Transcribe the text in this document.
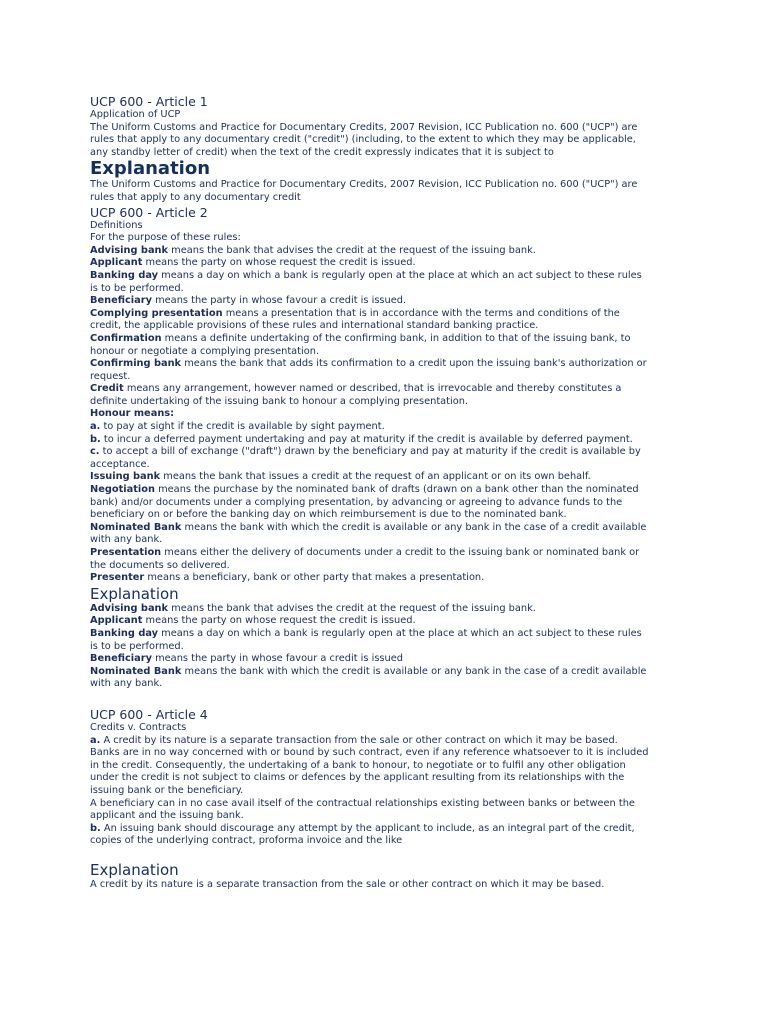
UCP 600 - Article 1
Application of UCP
The Uniform Customs and Practice for Documentary Credits, 2007 Revision, ICC Publication no. 600 ("UCP") are rules that apply to any documentary credit ("credit") (including, to the extent to which they may be applicable, any standby letter of credit) when the text of the credit expressly indicates that it is subject to
Explanation
The Uniform Customs and Practice for Documentary Credits, 2007 Revision, ICC Publication no. 600 ("UCP") are rules that apply to any documentary credit
UCP 600 - Article 2
Definitions
For the purpose of these rules:
Advising bank means the bank that advises the credit at the request of the issuing bank.
Applicant means the party on whose request the credit is issued.
Banking day means a day on which a bank is regularly open at the place at which an act subject to these rules is to be performed.
Beneficiary means the party in whose favour a credit is issued.
Complying presentation means a presentation that is in accordance with the terms and conditions of the credit, the applicable provisions of these rules and international standard banking practice.
Confirmation means a definite undertaking of the confirming bank, in addition to that of the issuing bank, to honour or negotiate a complying presentation.
Confirming bank means the bank that adds its confirmation to a credit upon the issuing bank's authorization or request.
Credit means any arrangement, however named or described, that is irrevocable and thereby constitutes a definite undertaking of the issuing bank to honour a complying presentation.
Honour means:
a. to pay at sight if the credit is available by sight payment.
b. to incur a deferred payment undertaking and pay at maturity if the credit is available by deferred payment.
c. to accept a bill of exchange ("draft") drawn by the beneficiary and pay at maturity if the credit is available by acceptance.
Issuing bank means the bank that issues a credit at the request of an applicant or on its own behalf.
Negotiation means the purchase by the nominated bank of drafts (drawn on a bank other than the nominated bank) and/or documents under a complying presentation, by advancing or agreeing to advance funds to the beneficiary on or before the banking day on which reimbursement is due to the nominated bank.
Nominated Bank means the bank with which the credit is available or any bank in the case of a credit available with any bank.
Presentation means either the delivery of documents under a credit to the issuing bank or nominated bank or the documents so delivered.
Presenter means a beneficiary, bank or other party that makes a presentation.
Explanation
Advising bank means the bank that advises the credit at the request of the issuing bank.
Applicant means the party on whose request the credit is issued.
Banking day means a day on which a bank is regularly open at the place at which an act subject to these rules is to be performed.
Beneficiary means the party in whose favour a credit is issued
Nominated Bank means the bank with which the credit is available or any bank in the case of a credit available with any bank.
UCP 600 - Article 4
Credits v. Contracts
a. A credit by its nature is a separate transaction from the sale or other contract on which it may be based. Banks are in no way concerned with or bound by such contract, even if any reference whatsoever to it is included in the credit. Consequently, the undertaking of a bank to honour, to negotiate or to fulfil any other obligation under the credit is not subject to claims or defences by the applicant resulting from its relationships with the issuing bank or the beneficiary.
A beneficiary can in no case avail itself of the contractual relationships existing between banks or between the applicant and the issuing bank.
b. An issuing bank should discourage any attempt by the applicant to include, as an integral part of the credit, copies of the underlying contract, proforma invoice and the like
Explanation
A credit by its nature is a separate transaction from the sale or other contract on which it may be based.
